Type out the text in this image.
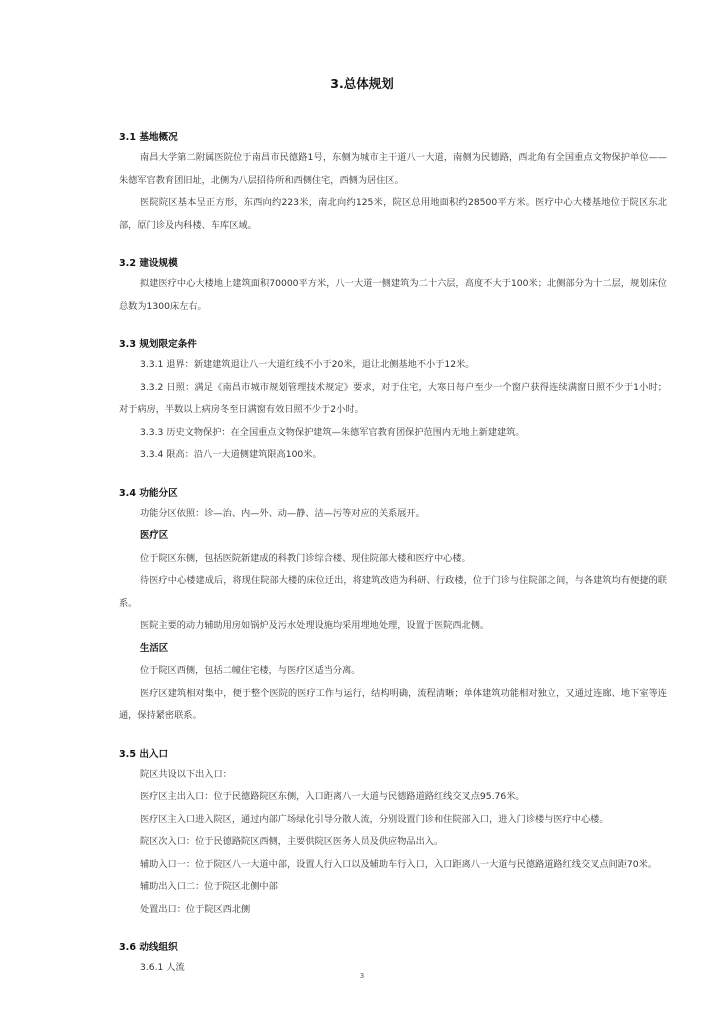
3.总体规划
3.1 基地概况
南昌大学第二附属医院位于南昌市民德路1号，东侧为城市主干道八一大道，南侧为民德路，西北角有全国重点文物保护单位——朱德军官教育团旧址，北侧为八层招待所和西侧住宅，西侧为居住区。
医院院区基本呈正方形，东西向约223米，南北向约125米，院区总用地面积约28500平方米。医疗中心大楼基地位于院区东北部，原门诊及内科楼、车库区域。
3.2 建设规模
拟建医疗中心大楼地上建筑面积70000平方米，八一大道一侧建筑为二十六层，高度不大于100米；北侧部分为十二层，规划床位总数为1300床左右。
3.3 规划限定条件
3.3.1 退界：新建建筑退让八一大道红线不小于20米，退让北侧基地不小于12米。
3.3.2 日照：满足《南昌市城市规划管理技术规定》要求，对于住宅，大寒日每户至少一个窗户获得连续满窗日照不少于1小时；对于病房，半数以上病房冬至日满窗有效日照不少于2小时。
3.3.3 历史文物保护：在全国重点文物保护建筑—朱德军官教育团保护范围内无地上新建建筑。
3.3.4 限高：沿八一大道侧建筑限高100米。
3.4 功能分区
功能分区依照：诊—治、内—外、动—静、洁—污等对应的关系展开。
医疗区
位于院区东侧，包括医院新建成的科教门诊综合楼、现住院部大楼和医疗中心楼。
待医疗中心楼建成后，将现住院部大楼的床位迁出，将建筑改造为科研、行政楼，位于门诊与住院部之间，与各建筑均有便捷的联系。
医院主要的动力辅助用房如锅炉及污水处理设施均采用埋地处理，设置于医院西北侧。
生活区
位于院区西侧，包括二幢住宅楼，与医疗区适当分离。
医疗区建筑相对集中，便于整个医院的医疗工作与运行，结构明确，流程清晰；单体建筑功能相对独立，又通过连廊、地下室等连通，保持紧密联系。
3.5 出入口
院区共设以下出入口：
医疗区主出入口：位于民德路院区东侧，入口距离八一大道与民德路道路红线交叉点95.76米。
医疗区主入口进入院区，通过内部广场绿化引导分散人流，分别设置门诊和住院部入口，进入门诊楼与医疗中心楼。
院区次入口：位于民德路院区西侧，主要供院区医务人员及供应物品出入。
辅助入口一：位于院区八一大道中部，设置人行入口以及辅助车行入口，入口距离八一大道与民德路道路红线交叉点间距70米。
辅助出入口二：位于院区北侧中部
处置出口：位于院区西北侧
3.6 动线组织
3.6.1 人流
3
